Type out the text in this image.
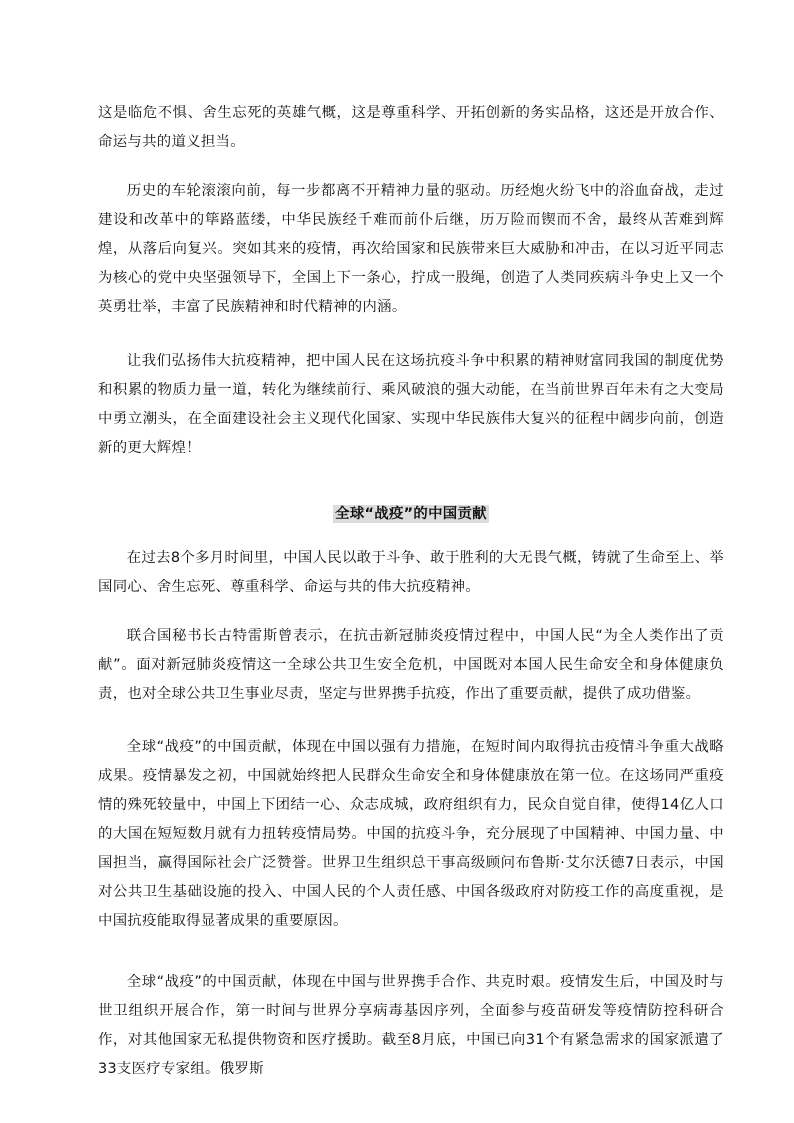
这是临危不惧、舍生忘死的英雄气概，这是尊重科学、开拓创新的务实品格，这还是开放合作、命运与共的道义担当。

历史的车轮滚滚向前，每一步都离不开精神力量的驱动。历经炮火纷飞中的浴血奋战，走过建设和改革中的筚路蓝缕，中华民族经千难而前仆后继，历万险而锲而不舍，最终从苦难到辉煌，从落后向复兴。突如其来的疫情，再次给国家和民族带来巨大威胁和冲击，在以习近平同志为核心的党中央坚强领导下，全国上下一条心，拧成一股绳，创造了人类同疾病斗争史上又一个英勇壮举，丰富了民族精神和时代精神的内涵。

让我们弘扬伟大抗疫精神，把中国人民在这场抗疫斗争中积累的精神财富同我国的制度优势和积累的物质力量一道，转化为继续前行、乘风破浪的强大动能，在当前世界百年未有之大变局中勇立潮头，在全面建设社会主义现代化国家、实现中华民族伟大复兴的征程中阔步向前，创造新的更大辉煌！

全球“战疫”的中国贡献

在过去8个多月时间里，中国人民以敢于斗争、敢于胜利的大无畏气概，铸就了生命至上、举国同心、舍生忘死、尊重科学、命运与共的伟大抗疫精神。

联合国秘书长古特雷斯曾表示，在抗击新冠肺炎疫情过程中，中国人民“为全人类作出了贡献”。面对新冠肺炎疫情这一全球公共卫生安全危机，中国既对本国人民生命安全和身体健康负责，也对全球公共卫生事业尽责，坚定与世界携手抗疫，作出了重要贡献，提供了成功借鉴。

全球“战疫”的中国贡献，体现在中国以强有力措施，在短时间内取得抗击疫情斗争重大战略成果。疫情暴发之初，中国就始终把人民群众生命安全和身体健康放在第一位。在这场同严重疫情的殊死较量中，中国上下团结一心、众志成城，政府组织有力，民众自觉自律，使得14亿人口的大国在短短数月就有力扭转疫情局势。中国的抗疫斗争，充分展现了中国精神、中国力量、中国担当，赢得国际社会广泛赞誉。世界卫生组织总干事高级顾问布鲁斯·艾尔沃德7日表示，中国对公共卫生基础设施的投入、中国人民的个人责任感、中国各级政府对防疫工作的高度重视，是中国抗疫能取得显著成果的重要原因。

全球“战疫”的中国贡献，体现在中国与世界携手合作、共克时艰。疫情发生后，中国及时与世卫组织开展合作，第一时间与世界分享病毒基因序列，全面参与疫苗研发等疫情防控科研合作，对其他国家无私提供物资和医疗援助。截至8月底，中国已向31个有紧急需求的国家派遣了33支医疗专家组。俄罗斯
